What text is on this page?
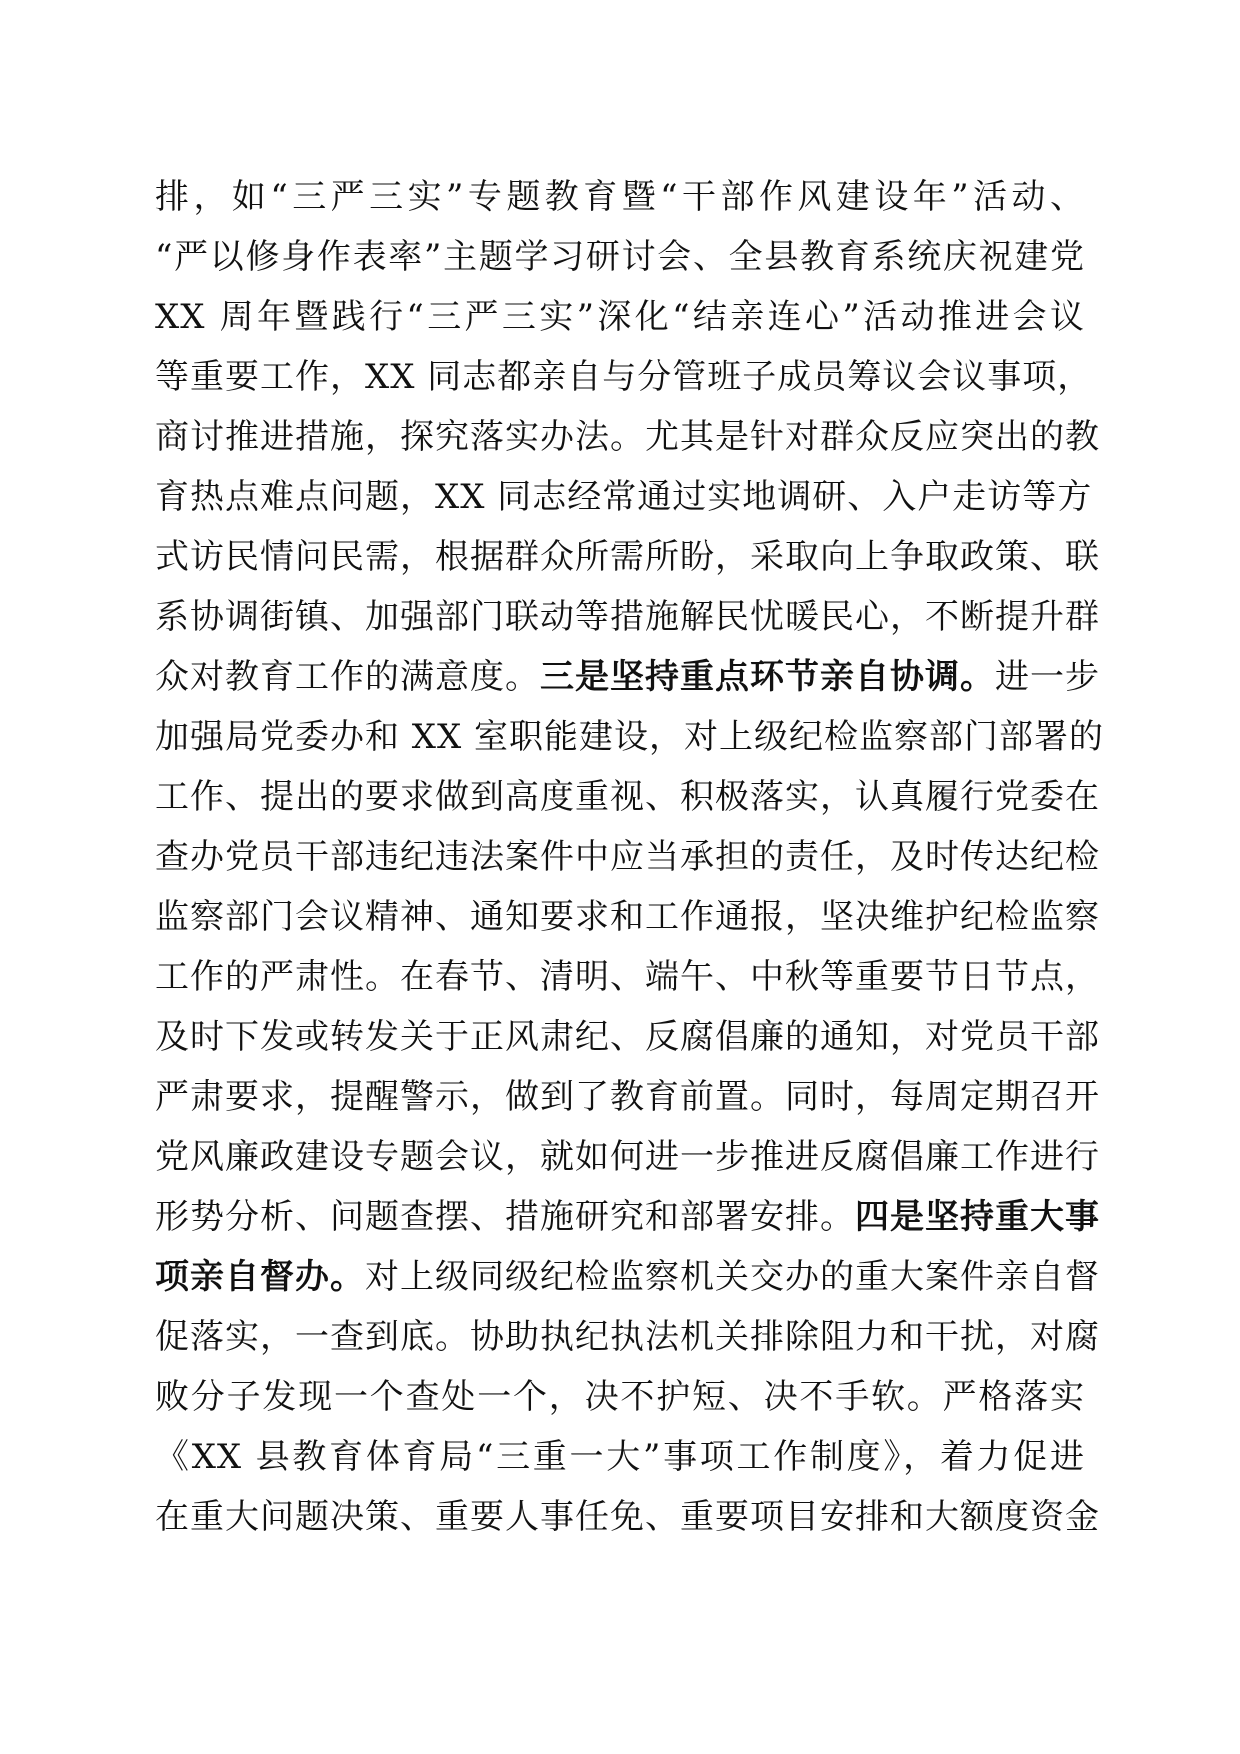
排，如“三严三实”专题教育暨“干部作风建设年”活动、
“严以修身作表率”主题学习研讨会、全县教育系统庆祝建党
XX 周年暨践行“三严三实”深化“结亲连心”活动推进会议
等重要工作，XX 同志都亲自与分管班子成员筹议会议事项，
商讨推进措施，探究落实办法。尤其是针对群众反应突出的教
育热点难点问题，XX 同志经常通过实地调研、入户走访等方
式访民情问民需，根据群众所需所盼，采取向上争取政策、联
系协调街镇、加强部门联动等措施解民忧暖民心，不断提升群
众对教育工作的满意度。三是坚持重点环节亲自协调。进一步
加强局党委办和 XX 室职能建设，对上级纪检监察部门部署的
工作、提出的要求做到高度重视、积极落实，认真履行党委在
查办党员干部违纪违法案件中应当承担的责任，及时传达纪检
监察部门会议精神、通知要求和工作通报，坚决维护纪检监察
工作的严肃性。在春节、清明、端午、中秋等重要节日节点，
及时下发或转发关于正风肃纪、反腐倡廉的通知，对党员干部
严肃要求，提醒警示，做到了教育前置。同时，每周定期召开
党风廉政建设专题会议，就如何进一步推进反腐倡廉工作进行
形势分析、问题查摆、措施研究和部署安排。四是坚持重大事
项亲自督办。对上级同级纪检监察机关交办的重大案件亲自督
促落实，一查到底。协助执纪执法机关排除阻力和干扰，对腐
败分子发现一个查处一个，决不护短、决不手软。严格落实
《XX 县教育体育局“三重一大”事项工作制度》，着力促进
在重大问题决策、重要人事任免、重要项目安排和大额度资金
